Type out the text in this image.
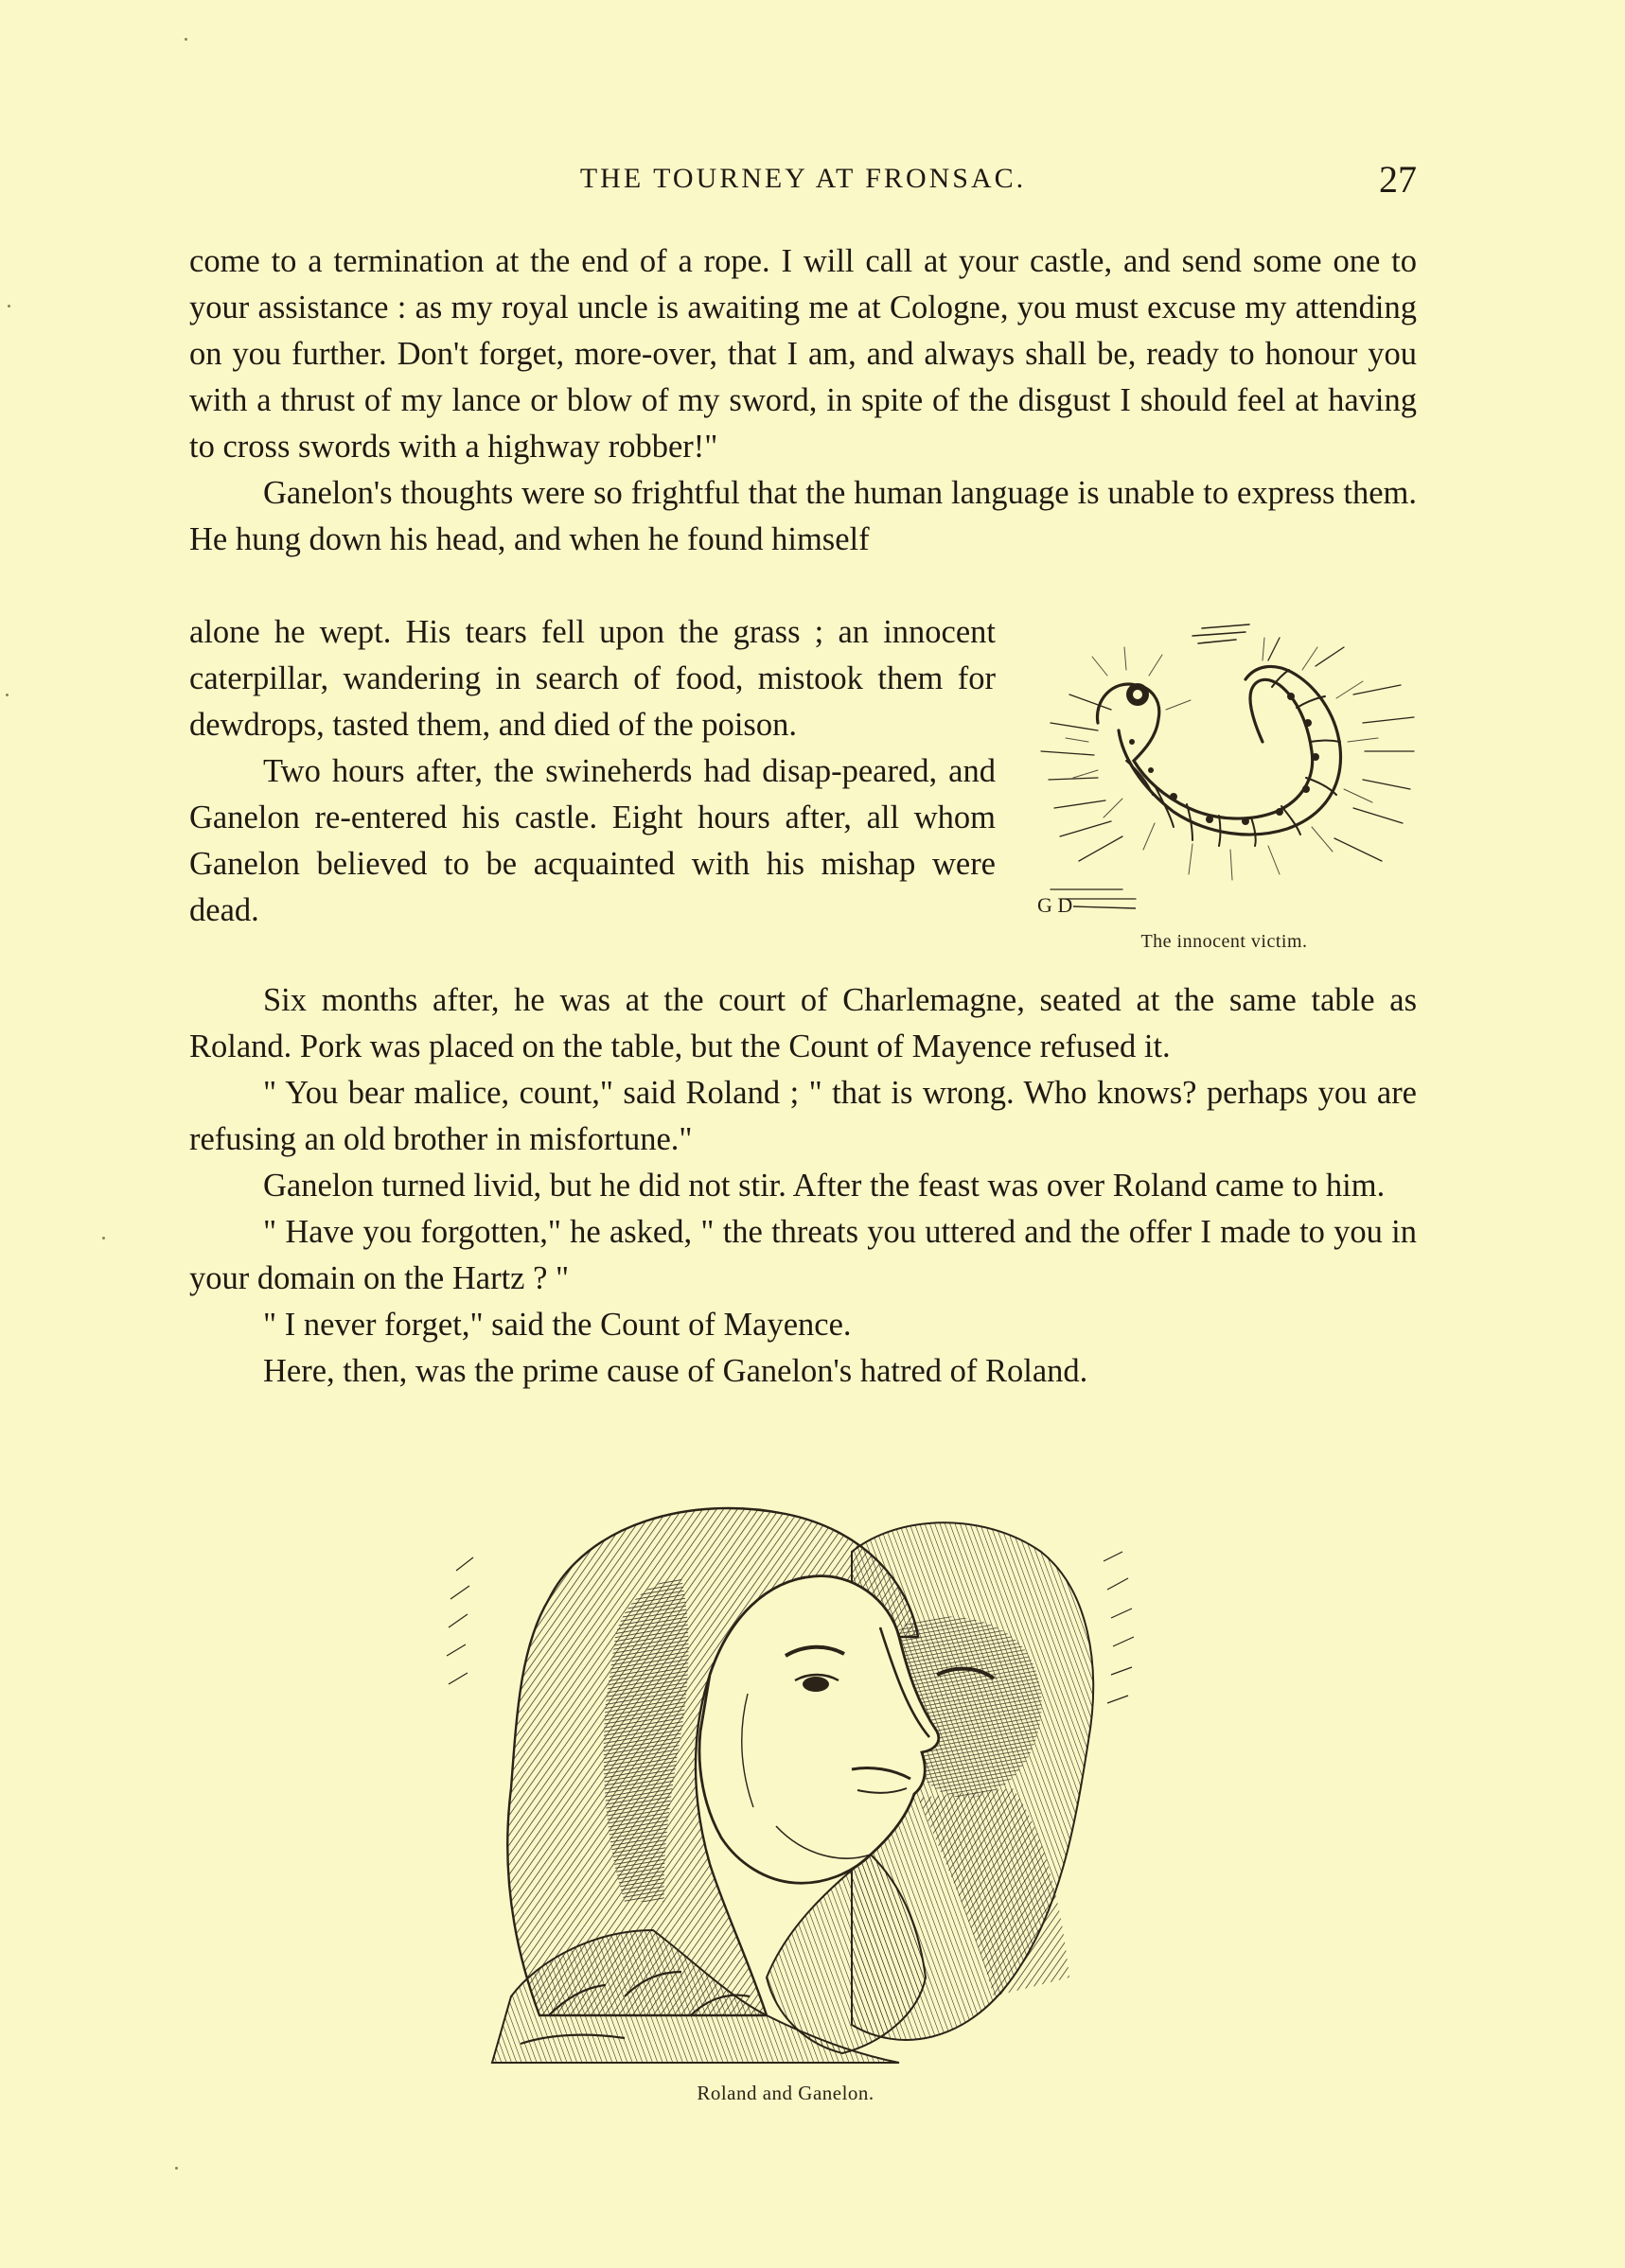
THE TOURNEY AT FRONSAC.	27

come to a termination at the end of a rope. I will call at your castle, and send some one to your assistance : as my royal uncle is awaiting me at Cologne, you must excuse my attending on you further. Don't forget, more-over, that I am, and always shall be, ready to honour you with a thrust of my lance or blow of my sword, in spite of the disgust I should feel at having to cross swords with a highway robber!"

Ganelon's thoughts were so frightful that the human language is unable to express them. He hung down his head, and when he found himself

alone he wept. His tears fell upon the grass ; an innocent caterpillar, wandering in search of food, mistook them for dewdrops, tasted them, and died of the poison.

Two hours after, the swineherds had disap-peared, and Ganelon re-entered his castle. Eight hours after, all whom Ganelon believed to be acquainted with his mishap were dead.	G D
The innocent victim.

Six months after, he was at the court of Charlemagne, seated at the same table as Roland. Pork was placed on the table, but the Count of Mayence refused it.

" You bear malice, count," said Roland ; " that is wrong. Who knows? perhaps you are refusing an old brother in misfortune."

Ganelon turned livid, but he did not stir. After the feast was over Roland came to him.

" Have you forgotten," he asked, " the threats you uttered and the offer I made to you in your domain on the Hartz ? "

" I never forget," said the Count of Mayence.

Here, then, was the prime cause of Ganelon's hatred of Roland.

Roland and Ganelon.
